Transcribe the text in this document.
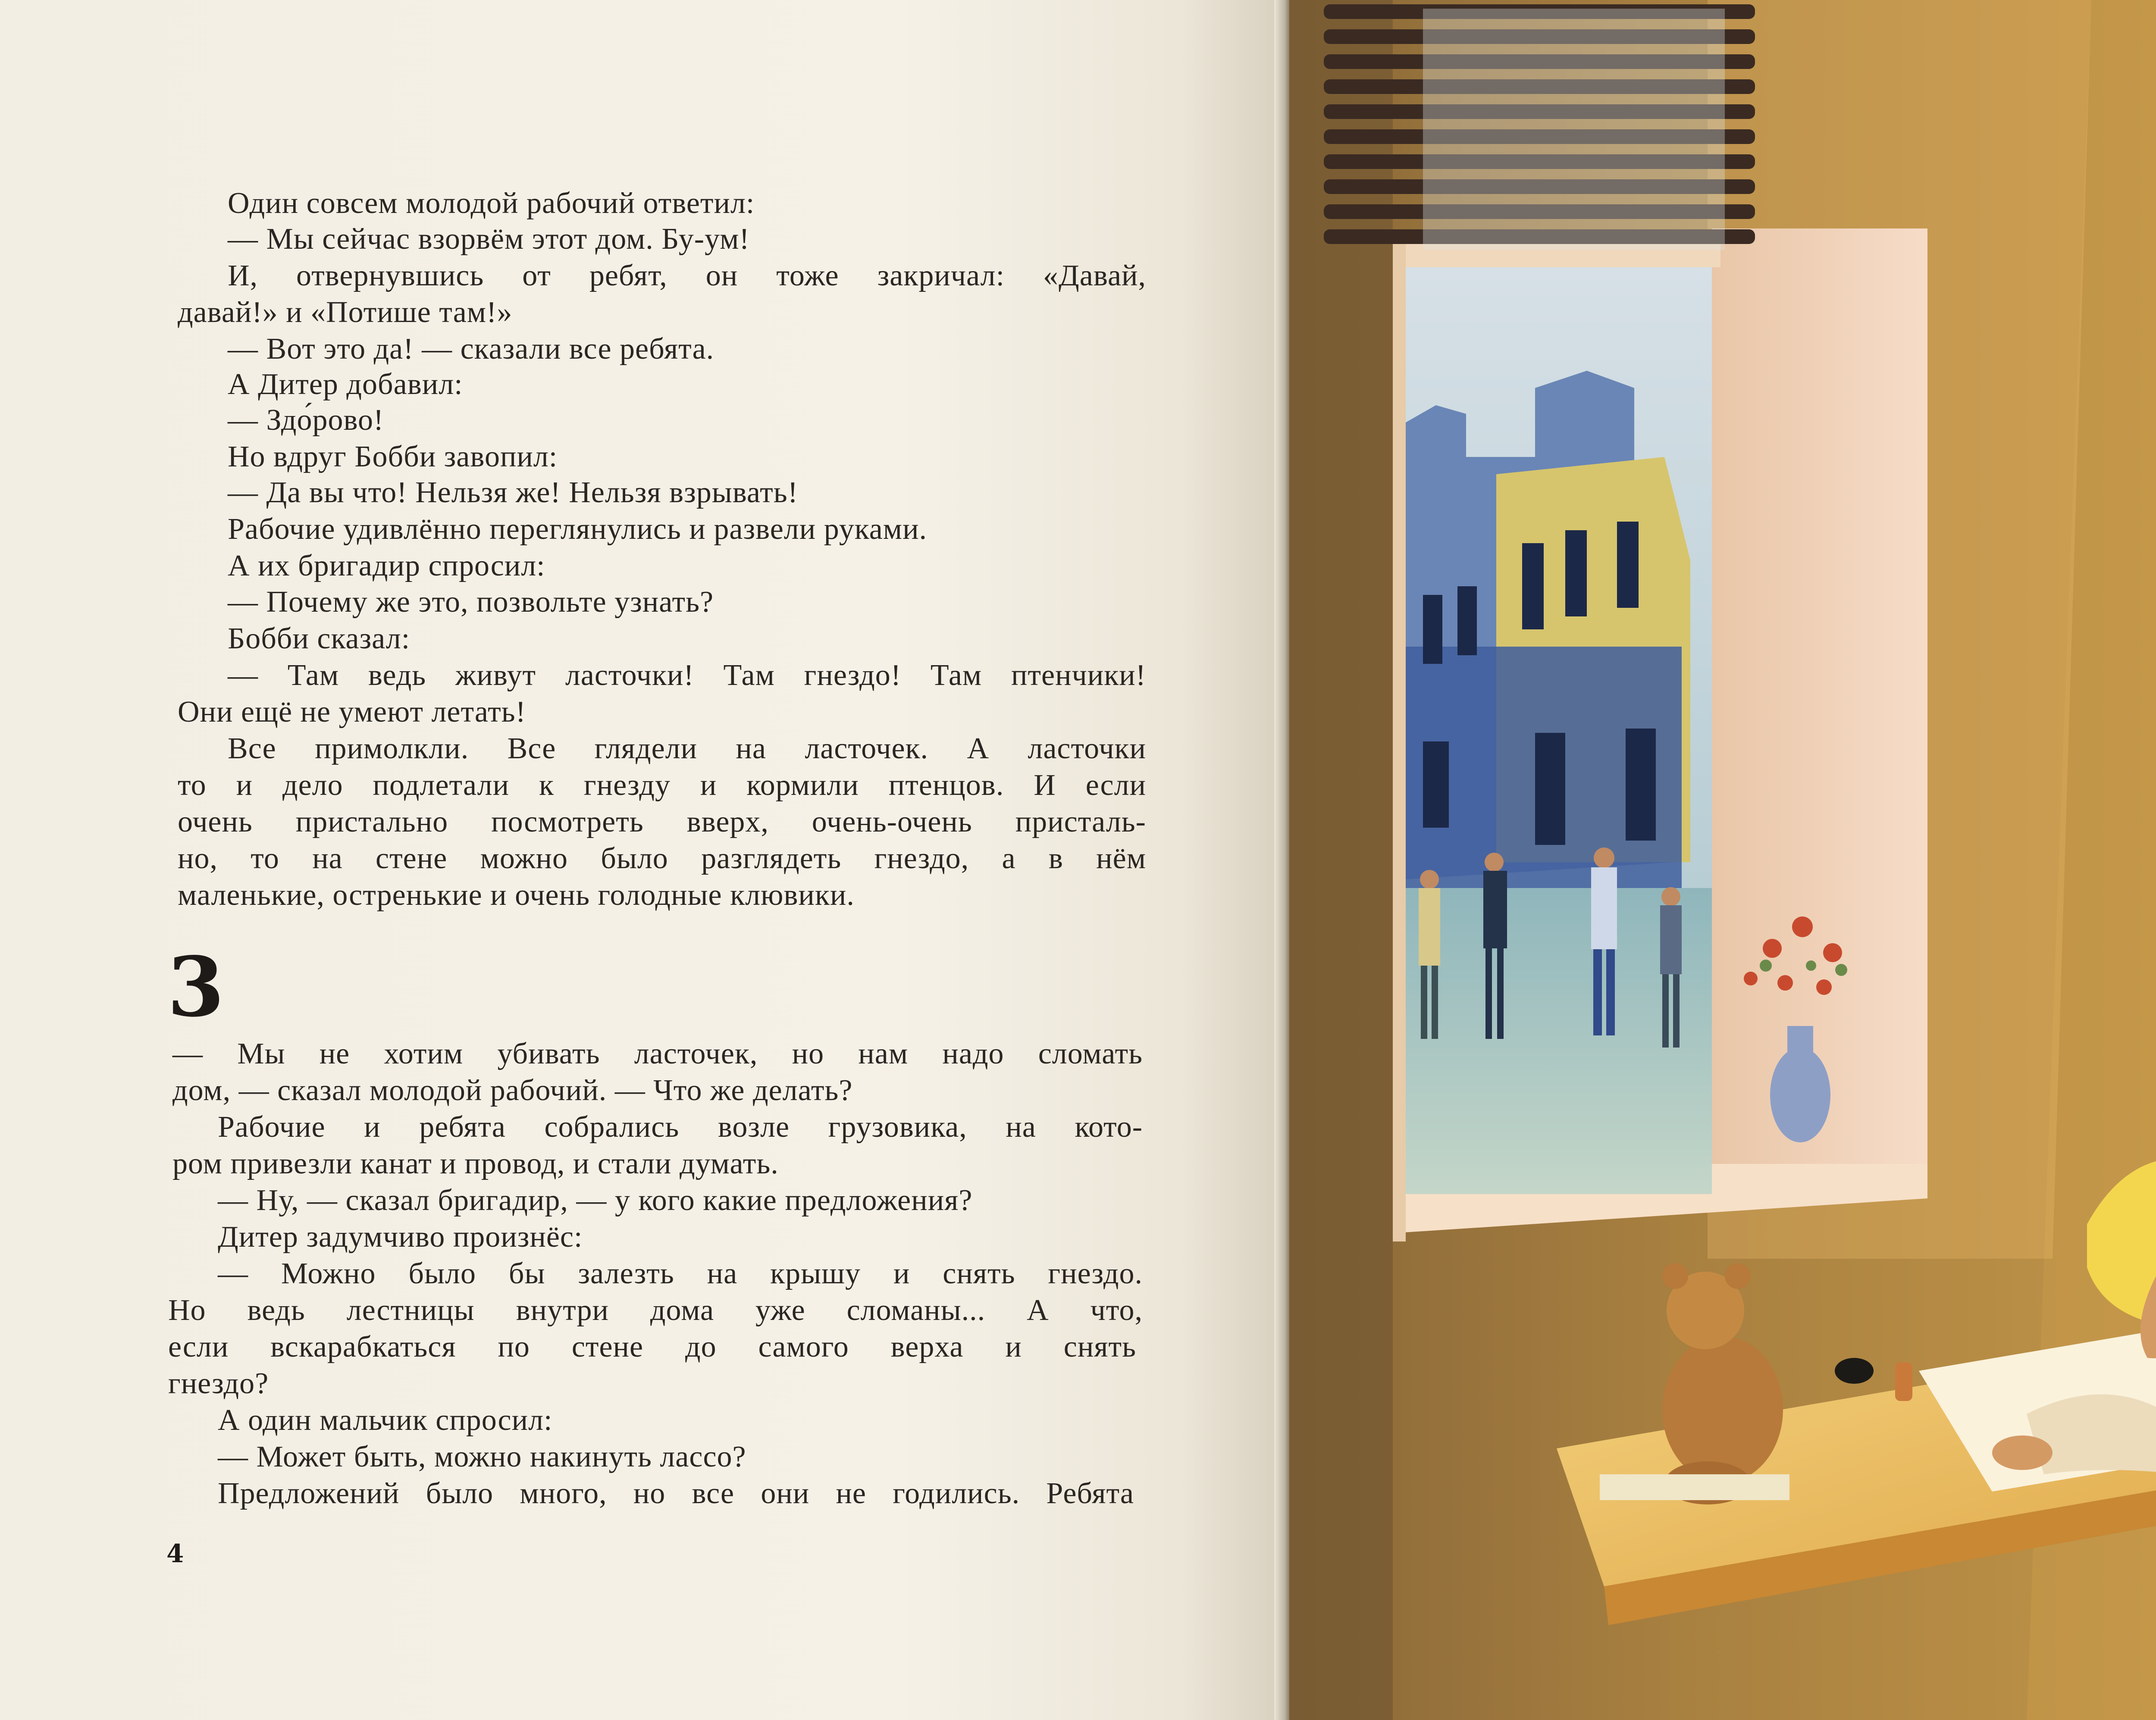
Один совсем молодой рабочий ответил:
— Мы сейчас взорвём этот дом. Бу-ум!
И, отвернувшись от ребят, он тоже закричал: «Давай,
давай!» и «Потише там!»
— Вот это да! — сказали все ребята.
А Дитер добавил:
— Здо́рово!
Но вдруг Бобби завопил:
— Да вы что! Нельзя же! Нельзя взрывать!
Рабочие удивлённо переглянулись и развели руками.
А их бригадир спросил:
— Почему же это, позвольте узнать?
Бобби сказал:
— Там ведь живут ласточки! Там гнездо! Там птенчики!
Они ещё не умеют летать!
Все примолкли. Все глядели на ласточек. А ласточки
то и дело подлетали к гнезду и кормили птенцов. И если
очень пристально посмотреть вверх, очень-очень присталь-
но, то на стене можно было разглядеть гнездо, а в нём
маленькие, остренькие и очень голодные клювики.
3
— Мы не хотим убивать ласточек, но нам надо сломать
дом, — сказал молодой рабочий. — Что же делать?
Рабочие и ребята собрались возле грузовика, на кото-
ром привезли канат и провод, и стали думать.
— Ну, — сказал бригадир, — у кого какие предложения?
Дитер задумчиво произнёс:
— Можно было бы залезть на крышу и снять гнездо.
Но ведь лестницы внутри дома уже сломаны... А что,
если вскарабкаться по стене до самого верха и снять
гнездо?
А один мальчик спросил:
— Может быть, можно накинуть лассо?
Предложений было много, но все они не годились. Ребята
4
